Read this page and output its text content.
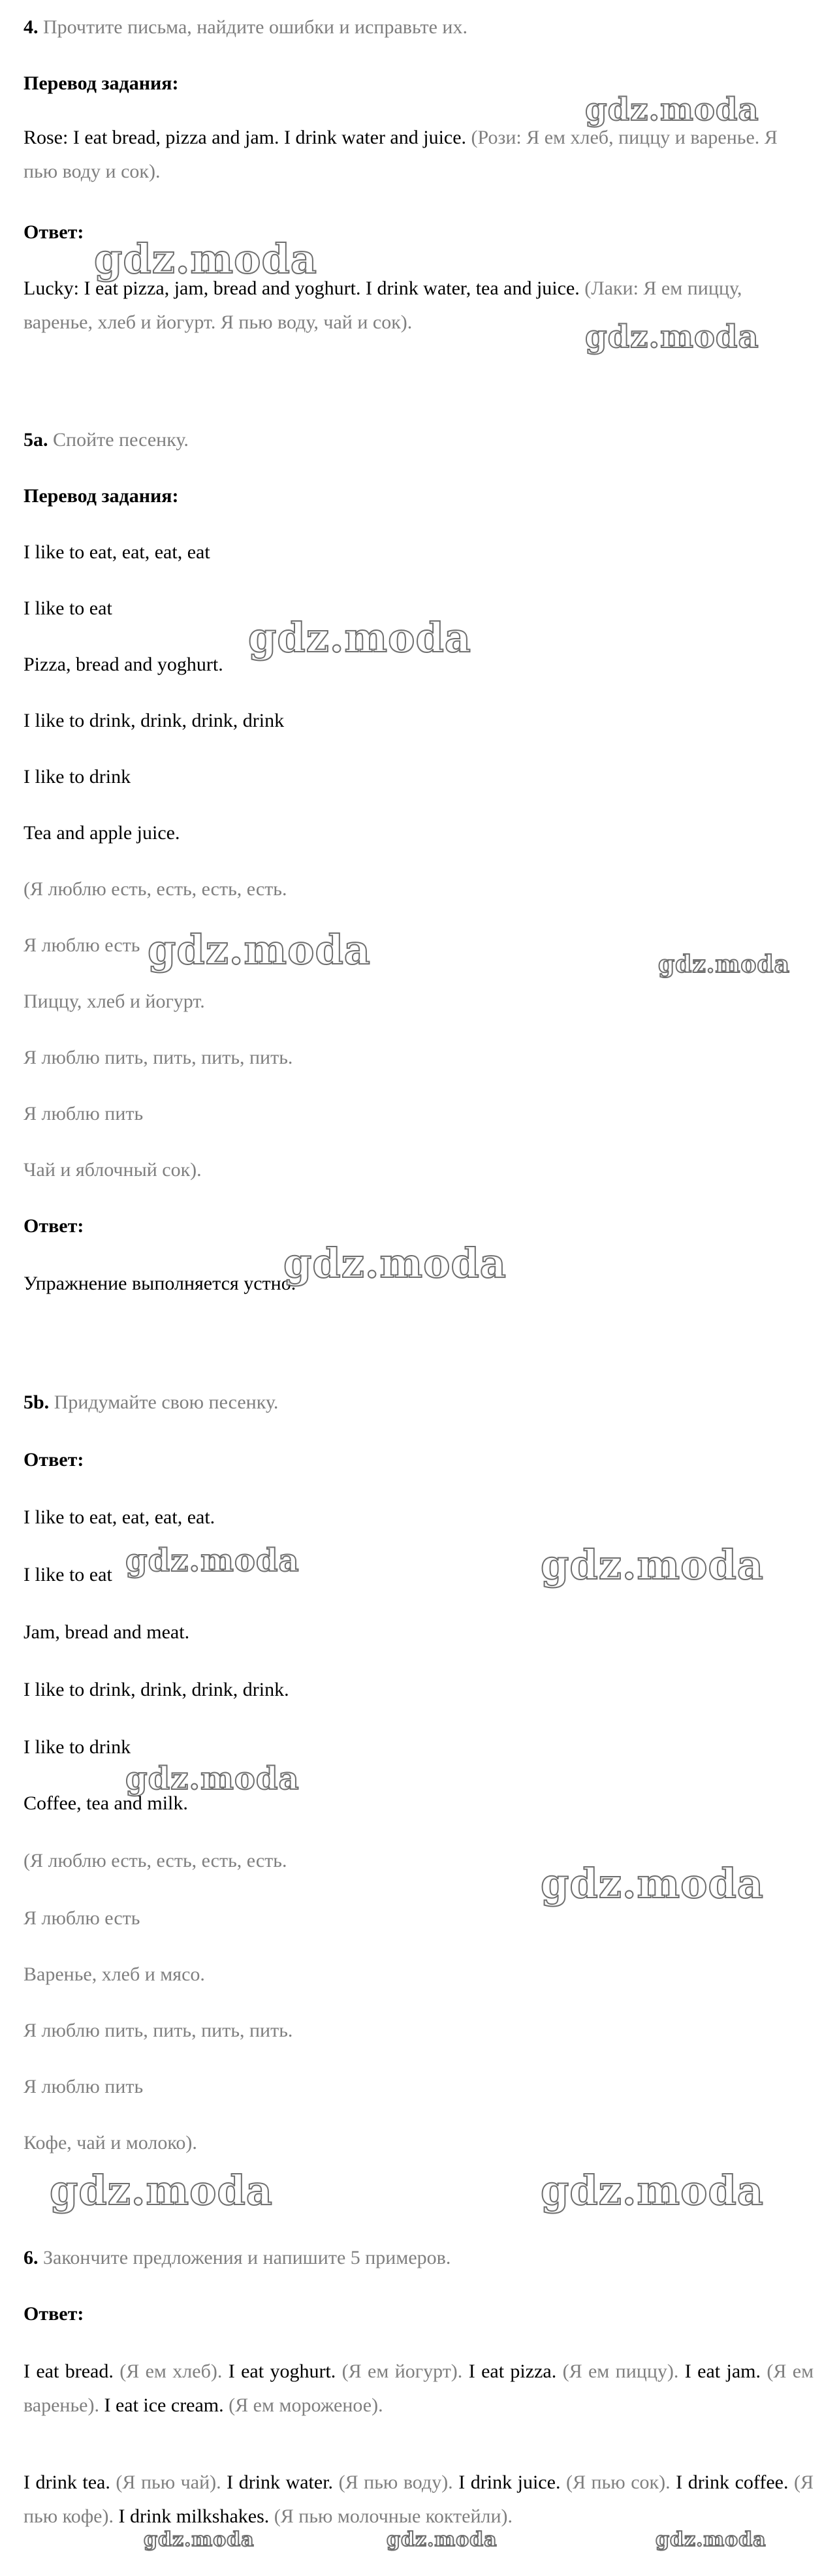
4. Прочтите письма, найдите ошибки и исправьте их.
Перевод задания:
Rose: I eat bread, pizza and jam. I drink water and juice. (Рози: Я ем хлеб, пиццу и варенье. Я пью воду и сок).
Ответ:
Lucky: I eat pizza, jam, bread and yoghurt. I drink water, tea and juice. (Лаки: Я ем пиццу, варенье, хлеб и йогурт. Я пью воду, чай и сок).
5a. Спойте песенку.
Перевод задания:
I like to eat, eat, eat, eat
I like to eat
Pizza, bread and yoghurt.
I like to drink, drink, drink, drink
I like to drink
Tea and apple juice.
(Я люблю есть, есть, есть, есть.
Я люблю есть
Пиццу, хлеб и йогурт.
Я люблю пить, пить, пить, пить.
Я люблю пить
Чай и яблочный сок).
Ответ:
Упражнение выполняется устно.
5b. Придумайте свою песенку.
Ответ:
I like to eat, eat, eat, eat.
I like to eat
Jam, bread and meat.
I like to drink, drink, drink, drink.
I like to drink
Coffee, tea and milk.
(Я люблю есть, есть, есть, есть.
Я люблю есть
Варенье, хлеб и мясо.
Я люблю пить, пить, пить, пить.
Я люблю пить
Кофе, чай и молоко).
6. Закончите предложения и напишите 5 примеров.
Ответ:
I eat bread. (Я ем хлеб). I eat yoghurt. (Я ем йогурт). I eat pizza. (Я ем пиццу). I eat jam. (Я ем варенье). I eat ice cream. (Я ем мороженое).
I drink tea. (Я пью чай). I drink water. (Я пью воду). I drink juice. (Я пью сок). I drink coffee. (Я пью кофе). I drink milkshakes. (Я пью молочные коктейли).
gdz.moda
gdz.moda
gdz.moda
gdz.moda
gdz.moda	gdz.moda
gdz.moda
gdz.moda	gdz.moda
gdz.moda
gdz.moda
gdz.moda	gdz.moda
gdz.moda	gdz.moda	gdz.moda
